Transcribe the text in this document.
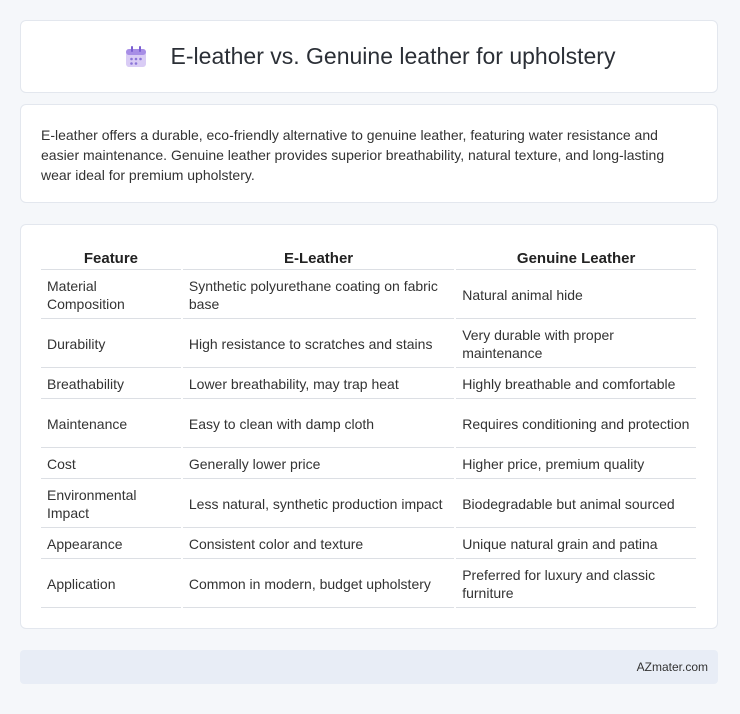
E-leather vs. Genuine leather for upholstery

E-leather offers a durable, eco-friendly alternative to genuine leather, featuring water resistance and easier maintenance. Genuine leather provides superior breathability, natural texture, and long-lasting wear ideal for premium upholstery.

Feature	E-Leather	Genuine Leather
Material Composition	Synthetic polyurethane coating on fabric base	Natural animal hide
Durability	High resistance to scratches and stains	Very durable with proper maintenance
Breathability	Lower breathability, may trap heat	Highly breathable and comfortable
Maintenance	Easy to clean with damp cloth	Requires conditioning and protection
Cost	Generally lower price	Higher price, premium quality
Environmental Impact	Less natural, synthetic production impact	Biodegradable but animal sourced
Appearance	Consistent color and texture	Unique natural grain and patina
Application	Common in modern, budget upholstery	Preferred for luxury and classic furniture
AZmater.com
